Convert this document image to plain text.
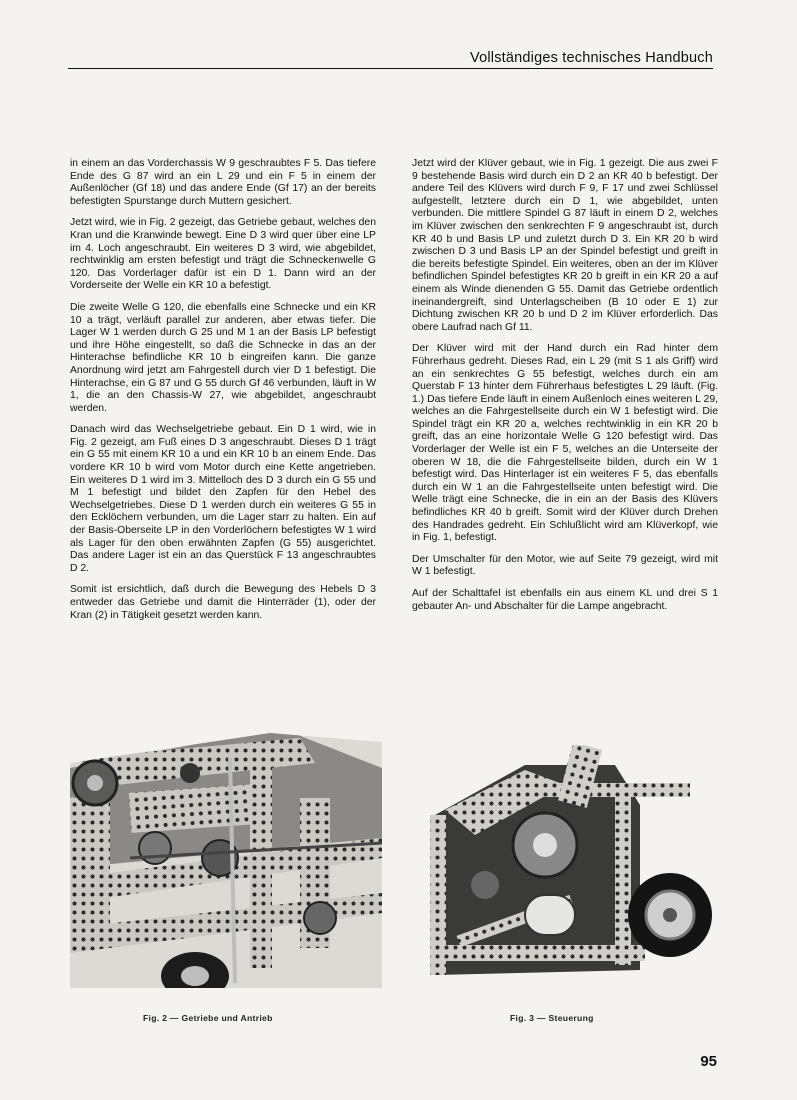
Vollständiges technisches Handbuch

in einem an das Vorderchassis W 9 geschraubtes F 5. Das tiefere Ende des G 87 wird an ein L 29 und ein F 5 in einem der Außenlöcher (Gf 18) und das andere Ende (Gf 17) an der bereits befestigten Spurstange durch Muttern gesichert.

Jetzt wird, wie in Fig. 2 gezeigt, das Getriebe gebaut, welches den Kran und die Kranwinde bewegt. Eine D 3 wird quer über eine LP im 4. Loch angeschraubt. Ein weiteres D 3 wird, wie abgebildet, rechtwinklig am ersten befestigt und trägt die Schneckenwelle G 120. Das Vorderlager dafür ist ein D 1. Dann wird an der Vorderseite der Welle ein KR 10 a befestigt.

Die zweite Welle G 120, die ebenfalls eine Schnecke und ein KR 10 a trägt, verläuft parallel zur anderen, aber etwas tiefer. Die Lager W 1 werden durch G 25 und M 1 an der Basis LP befestigt und ihre Höhe eingestellt, so daß die Schnecke in das an der Hinterachse befindliche KR 10 b eingreifen kann. Die ganze Anordnung wird jetzt am Fahrgestell durch vier D 1 befestigt. Die Hinterachse, ein G 87 und G 55 durch Gf 46 verbunden, läuft in W 1, die an den Chassis-W 27, wie abgebildet, angeschraubt werden.

Danach wird das Wechselgetriebe gebaut. Ein D 1 wird, wie in Fig. 2 gezeigt, am Fuß eines D 3 angeschraubt. Dieses D 1 trägt ein G 55 mit einem KR 10 a und ein KR 10 b an einem Ende. Das vordere KR 10 b wird vom Motor durch eine Kette angetrieben. Ein weiteres D 1 wird im 3. Mittelloch des D 3 durch ein G 55 und M 1 befestigt und bildet den Zapfen für den Hebel des Wechselgetriebes. Diese D 1 werden durch ein weiteres G 55 in den Ecklöchern verbunden, um die Lager starr zu halten. Ein auf der Basis-Oberseite LP in den Vorderlöchern befestigtes W 1 wird als Lager für den oben erwähnten Zapfen (G 55) ausgerichtet. Das andere Lager ist ein an das Querstück F 13 angeschraubtes D 2.

Somit ist ersichtlich, daß durch die Bewegung des Hebels D 3 entweder das Getriebe und damit die Hinterräder (1), oder der Kran (2) in Tätigkeit gesetzt werden kann.

Jetzt wird der Klüver gebaut, wie in Fig. 1 gezeigt. Die aus zwei F 9 bestehende Basis wird durch ein D 2 an KR 40 b befestigt. Der andere Teil des Klüvers wird durch F 9, F 17 und zwei Schlüssel aufgestellt, letztere durch ein D 1, wie abgebildet, unten verbunden. Die mittlere Spindel G 87 läuft in einem D 2, welches im Klüver zwischen den senkrechten F 9 angeschraubt ist, durch KR 40 b und Basis LP und zuletzt durch D 3. Ein KR 20 b wird zwischen D 3 und Basis LP an der Spindel befestigt und greift in die bereits befestigte Spindel. Ein weiteres, oben an der im Klüver befindlichen Spindel befestigtes KR 20 b greift in ein KR 20 a auf einem als Winde dienenden G 55. Damit das Getriebe ordentlich ineinandergreift, sind Unterlagscheiben (B 10 oder E 1) zur Dichtung zwischen KR 20 b und D 2 im Klüver erforderlich. Das obere Laufrad nach Gf 11.

Der Klüver wird mit der Hand durch ein Rad hinter dem Führerhaus gedreht. Dieses Rad, ein L 29 (mit S 1 als Griff) wird an ein senkrechtes G 55 befestigt, welches durch ein am Querstab F 13 hinter dem Führerhaus befestigtes L 29 läuft. (Fig. 1.) Das tiefere Ende läuft in einem Außenloch eines weiteren L 29, welches an die Fahrgestellseite durch ein W 1 befestigt wird. Die Spindel trägt ein KR 20 a, welches rechtwinklig in ein KR 20 b greift, das an eine horizontale Welle G 120 befestigt wird. Das Vorderlager der Welle ist ein F 5, welches an die Unterseite der oberen W 18, die die Fahrgestellseite bilden, durch ein W 1 befestigt wird. Das Hinterlager ist ein weiteres F 5, das ebenfalls durch ein W 1 an die Fahrgestellseite unten befestigt wird. Die Welle trägt eine Schnecke, die in ein an der Basis des Klüvers befindliches KR 40 b greift. Somit wird der Klüver durch Drehen des Handrades gedreht. Ein Schlußlicht wird am Klüverkopf, wie in Fig. 1, befestigt.

Der Umschalter für den Motor, wie auf Seite 79 gezeigt, wird mit W 1 befestigt.

Auf der Schalttafel ist ebenfalls ein aus einem KL und drei S 1 gebauter An- und Abschalter für die Lampe angebracht.

Fig. 2 — Getriebe und Antrieb	Fig. 3 — Steuerung
95
